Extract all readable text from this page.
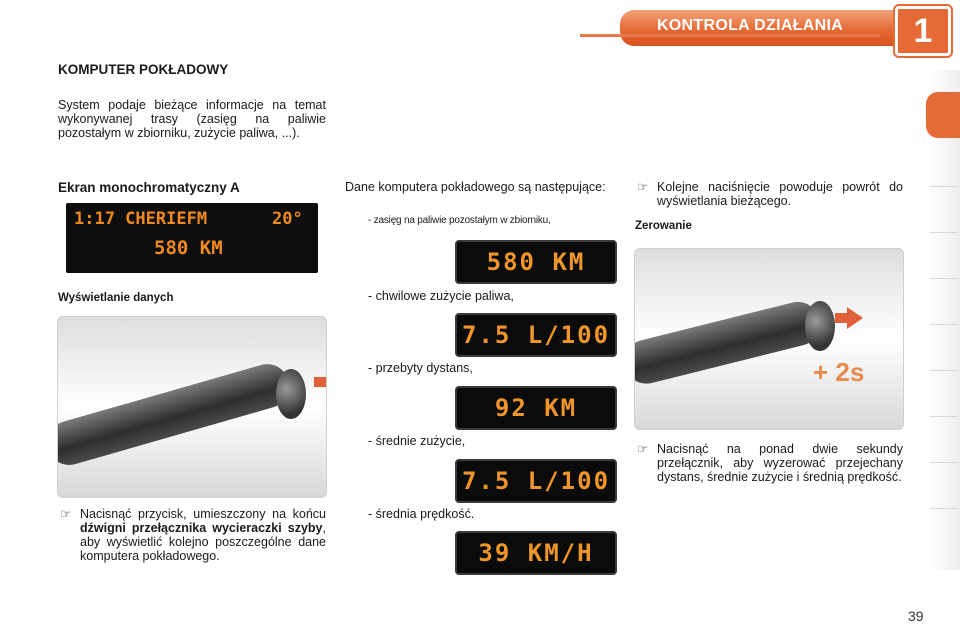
KONTROLA DZIAŁANIA	1
KOMPUTER POKŁADOWY
System podaje bieżące informacje na temat wykonywanej trasy (zasięg na paliwie pozostałym w zbiorniku, zużycie paliwa, ...).
Ekran monochromatyczny A
1:17 CHERIEFM	20°
580 KM
Wyświetlanie danych
☞ Nacisnąć przycisk, umieszczony na końcu dźwigni przełącznika wycieraczki szyby, aby wyświetlić kolejno poszczególne dane komputera pokładowego.
Dane komputera pokładowego są następujące:
- zasięg na paliwie pozostałym w zbiorniku,
580 KM
- chwilowe zużycie paliwa,
7.5 L/100
- przebyty dystans,
92 KM
- średnie zużycie,
7.5 L/100
- średnia prędkość.
39 KM/H
☞ Kolejne naciśnięcie powoduje powrót do wyświetlania bieżącego.
Zerowanie
+ 2s
☞ Nacisnąć na ponad dwie sekundy przełącznik, aby wyzerować przejechany dystans, średnie zużycie i średnią prędkość.
39
